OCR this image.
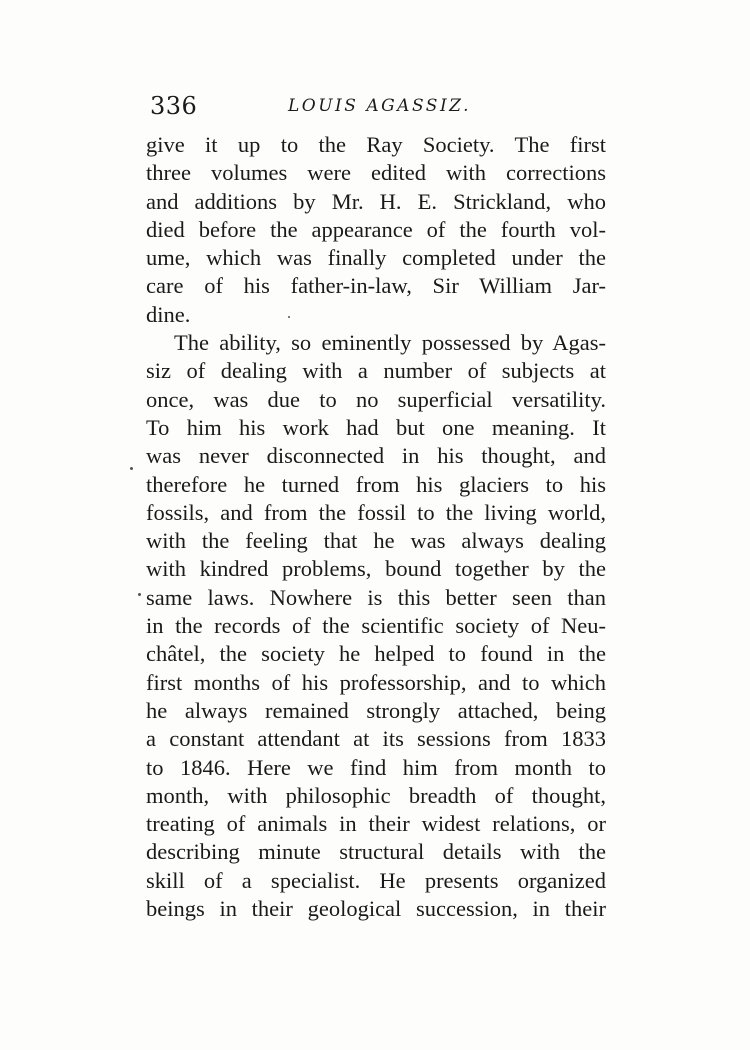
336	LOUIS AGASSIZ.
give it up to the Ray Society. The first
three volumes were edited with corrections
and additions by Mr. H. E. Strickland, who
died before the appearance of the fourth vol-
ume, which was finally completed under the
care of his father-in-law, Sir William Jar-
dine.
The ability, so eminently possessed by Agas-
siz of dealing with a number of subjects at
once, was due to no superficial versatility.
To him his work had but one meaning. It
was never disconnected in his thought, and
therefore he turned from his glaciers to his
fossils, and from the fossil to the living world,
with the feeling that he was always dealing
with kindred problems, bound together by the
same laws. Nowhere is this better seen than
in the records of the scientific society of Neu-
châtel, the society he helped to found in the
first months of his professorship, and to which
he always remained strongly attached, being
a constant attendant at its sessions from 1833
to 1846. Here we find him from month to
month, with philosophic breadth of thought,
treating of animals in their widest relations, or
describing minute structural details with the
skill of a specialist. He presents organized
beings in their geological succession, in their
